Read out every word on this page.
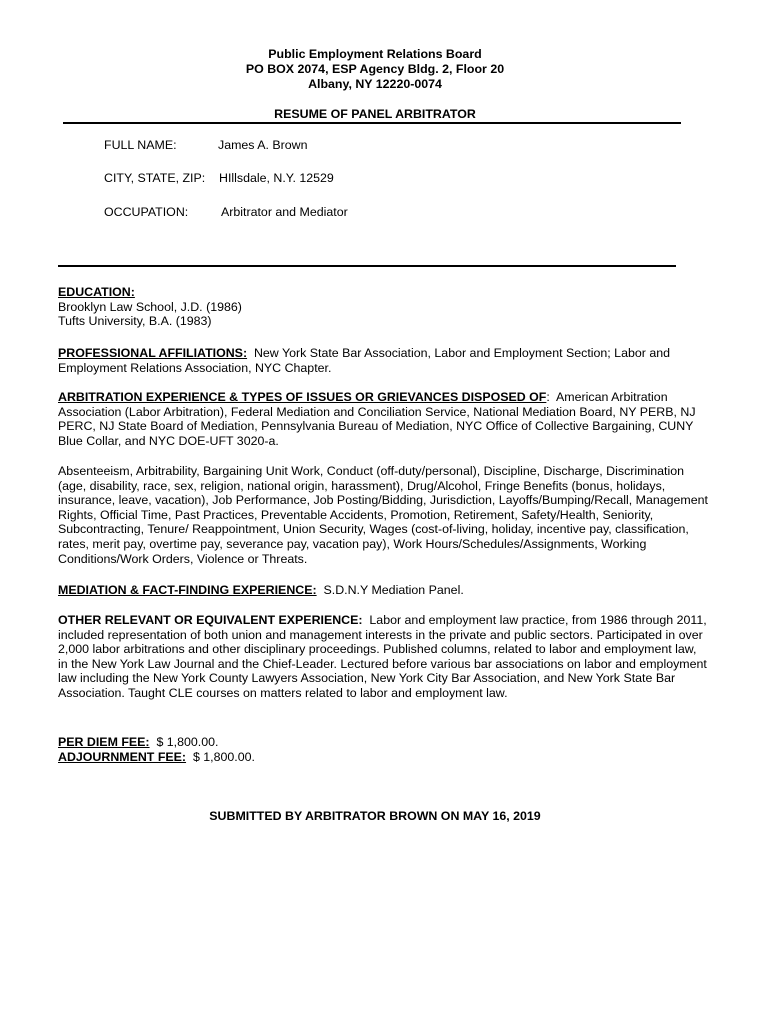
Public Employment Relations Board
PO BOX 2074, ESP Agency Bldg. 2, Floor 20
Albany, NY 12220-0074
RESUME OF PANEL ARBITRATOR
FULL NAME:	James A. Brown
CITY, STATE, ZIP: HIllsdale, N.Y. 12529
OCCUPATION:	Arbitrator and Mediator
EDUCATION:
Brooklyn Law School, J.D. (1986)
Tufts University, B.A. (1983)
PROFESSIONAL AFFILIATIONS: New York State Bar Association, Labor and Employment Section; Labor and Employment Relations Association, NYC Chapter.
ARBITRATION EXPERIENCE & TYPES OF ISSUES OR GRIEVANCES DISPOSED OF: American Arbitration Association (Labor Arbitration), Federal Mediation and Conciliation Service, National Mediation Board, NY PERB, NJ PERC, NJ State Board of Mediation, Pennsylvania Bureau of Mediation, NYC Office of Collective Bargaining, CUNY Blue Collar, and NYC DOE-UFT 3020-a.
Absenteeism, Arbitrability, Bargaining Unit Work, Conduct (off-duty/personal), Discipline, Discharge, Discrimination (age, disability, race, sex, religion, national origin, harassment), Drug/Alcohol, Fringe Benefits (bonus, holidays, insurance, leave, vacation), Job Performance, Job Posting/Bidding, Jurisdiction, Layoffs/Bumping/Recall, Management Rights, Official Time, Past Practices, Preventable Accidents, Promotion, Retirement, Safety/Health, Seniority, Subcontracting, Tenure/ Reappointment, Union Security, Wages (cost-of-living, holiday, incentive pay, classification, rates, merit pay, overtime pay, severance pay, vacation pay), Work Hours/Schedules/Assignments, Working Conditions/Work Orders, Violence or Threats.
MEDIATION & FACT-FINDING EXPERIENCE: S.D.N.Y Mediation Panel.
OTHER RELEVANT OR EQUIVALENT EXPERIENCE: Labor and employment law practice, from 1986 through 2011, included representation of both union and management interests in the private and public sectors. Participated in over 2,000 labor arbitrations and other disciplinary proceedings. Published columns, related to labor and employment law, in the New York Law Journal and the Chief-Leader. Lectured before various bar associations on labor and employment law including the New York County Lawyers Association, New York City Bar Association, and New York State Bar Association. Taught CLE courses on matters related to labor and employment law.
PER DIEM FEE: $ 1,800.00.
ADJOURNMENT FEE: $ 1,800.00.
SUBMITTED BY ARBITRATOR BROWN ON MAY 16, 2019
